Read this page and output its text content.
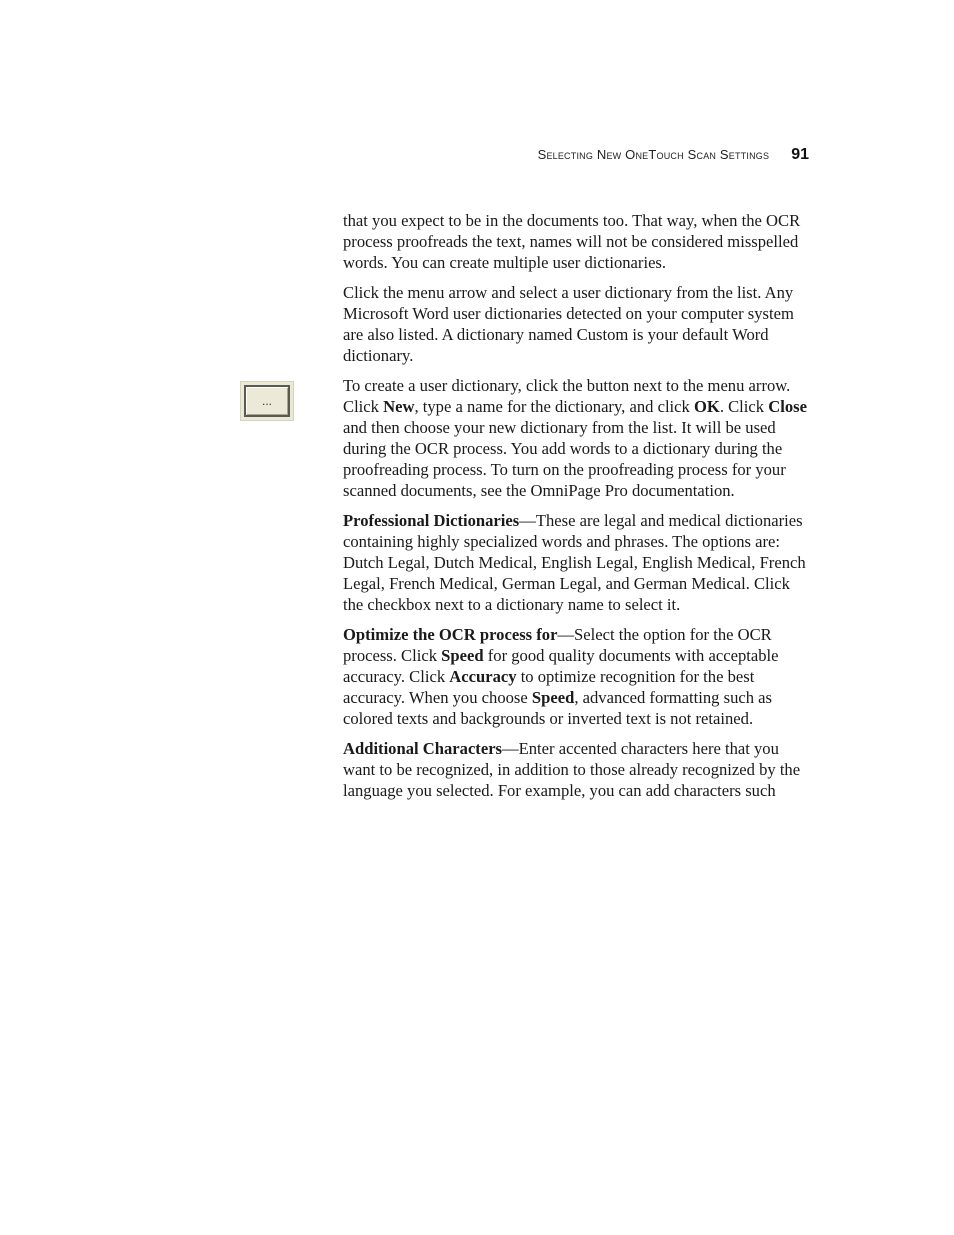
Selecting New OneTouch Scan Settings 91
...

that you expect to be in the documents too. That way, when the OCR process proofreads the text, names will not be considered misspelled words. You can create multiple user dictionaries.

Click the menu arrow and select a user dictionary from the list. Any Microsoft Word user dictionaries detected on your computer system are also listed. A dictionary named Custom is your default Word dictionary.

To create a user dictionary, click the button next to the menu arrow. Click New, type a name for the dictionary, and click OK. Click Close and then choose your new dictionary from the list. It will be used during the OCR process. You add words to a dictionary during the proofreading process. To turn on the proofreading process for your scanned documents, see the OmniPage Pro documentation.

Professional Dictionaries—These are legal and medical dictionaries containing highly specialized words and phrases. The options are: Dutch Legal, Dutch Medical, English Legal, English Medical, French Legal, French Medical, German Legal, and German Medical. Click the checkbox next to a dictionary name to select it.

Optimize the OCR process for—Select the option for the OCR process. Click Speed for good quality documents with acceptable accuracy. Click Accuracy to optimize recognition for the best accuracy. When you choose Speed, advanced formatting such as colored texts and backgrounds or inverted text is not retained.

Additional Characters—Enter accented characters here that you want to be recognized, in addition to those already recognized by the language you selected. For example, you can add characters such
